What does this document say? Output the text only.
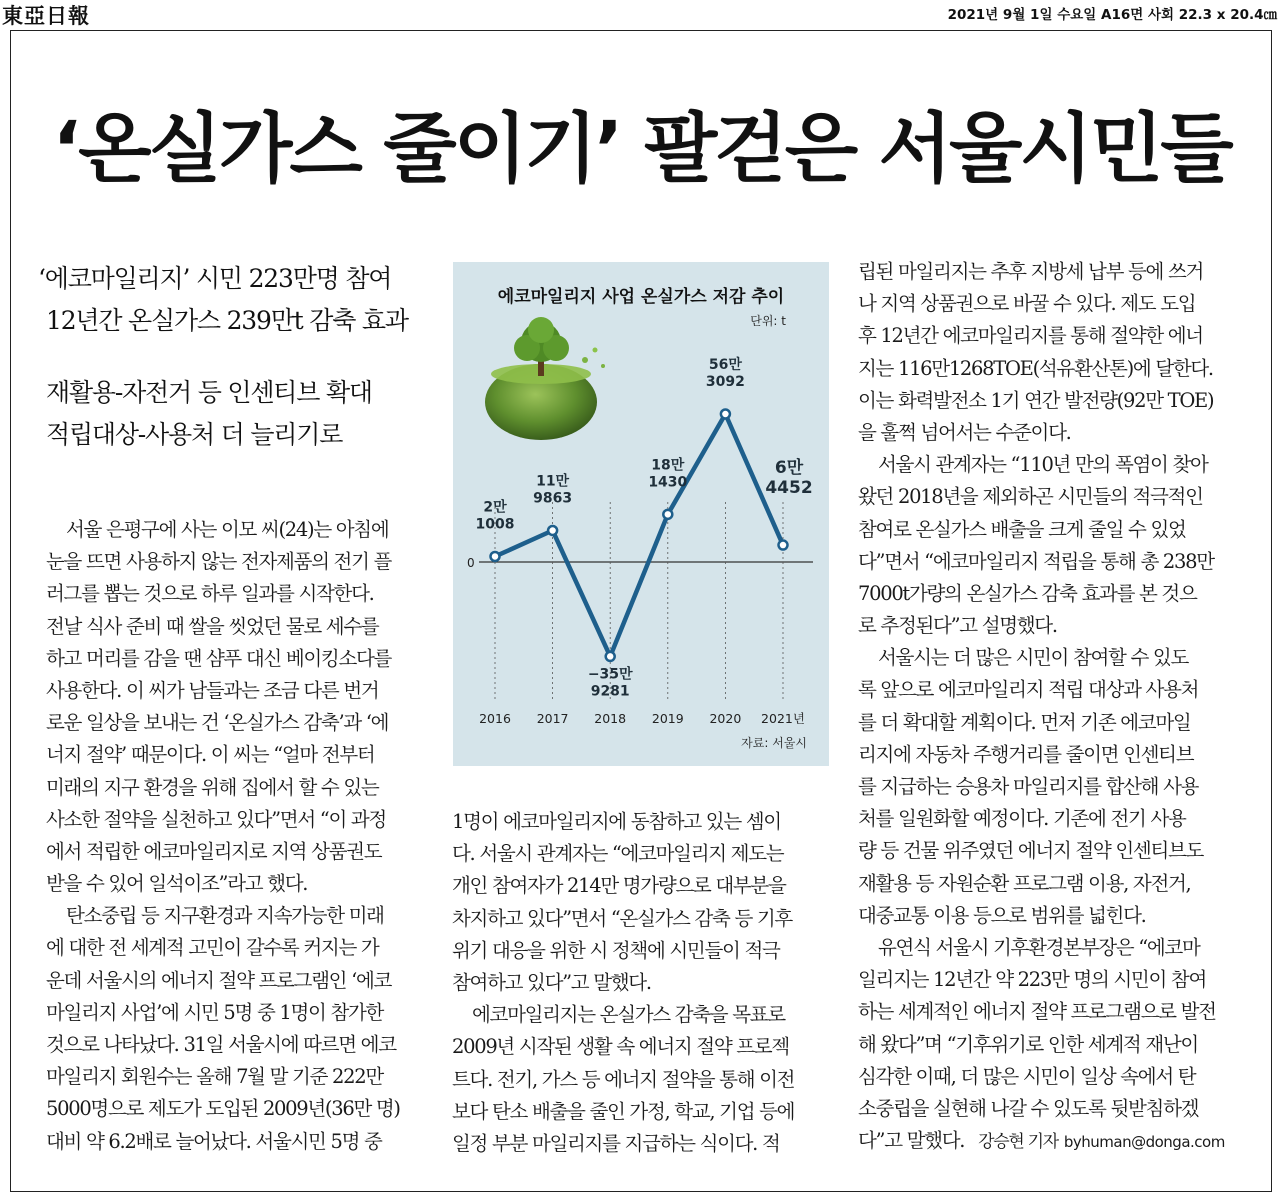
東亞日報	2021년 9월 1일 수요일 A16면 사회 22.3 x 20.4㎝
‘온실가스 줄이기’ 팔걷은 서울시민들
‘에코마일리지’ 시민 223만명 참여
12년간 온실가스 239만t 감축 효과
재활용-자전거 등 인센티브 확대
적립대상-사용처 더 늘리기로
서울 은평구에 사는 이모 씨(24)는 아침에
눈을 뜨면 사용하지 않는 전자제품의 전기 플
러그를 뽑는 것으로 하루 일과를 시작한다.
전날 식사 준비 때 쌀을 씻었던 물로 세수를
하고 머리를 감을 땐 샴푸 대신 베이킹소다를
사용한다. 이 씨가 남들과는 조금 다른 번거
로운 일상을 보내는 건 ‘온실가스 감축’과 ‘에
너지 절약’ 때문이다. 이 씨는 “얼마 전부터
미래의 지구 환경을 위해 집에서 할 수 있는
사소한 절약을 실천하고 있다”면서 “이 과정
에서 적립한 에코마일리지로 지역 상품권도
받을 수 있어 일석이조”라고 했다.
탄소중립 등 지구환경과 지속가능한 미래
에 대한 전 세계적 고민이 갈수록 커지는 가
운데 서울시의 에너지 절약 프로그램인 ‘에코
마일리지 사업’에 시민 5명 중 1명이 참가한
것으로 나타났다. 31일 서울시에 따르면 에코
마일리지 회원수는 올해 7월 말 기준 222만
5000명으로 제도가 도입된 2009년(36만 명)
대비 약 6.2배로 늘어났다. 서울시민 5명 중
1명이 에코마일리지에 동참하고 있는 셈이
다. 서울시 관계자는 “에코마일리지 제도는
개인 참여자가 214만 명가량으로 대부분을
차지하고 있다”면서 “온실가스 감축 등 기후
위기 대응을 위한 시 정책에 시민들이 적극
참여하고 있다”고 말했다.
에코마일리지는 온실가스 감축을 목표로
2009년 시작된 생활 속 에너지 절약 프로젝
트다. 전기, 가스 등 에너지 절약을 통해 이전
보다 탄소 배출을 줄인 가정, 학교, 기업 등에
일정 부분 마일리지를 지급하는 식이다. 적
립된 마일리지는 추후 지방세 납부 등에 쓰거
나 지역 상품권으로 바꿀 수 있다. 제도 도입
후 12년간 에코마일리지를 통해 절약한 에너
지는 116만1268TOE(석유환산톤)에 달한다.
이는 화력발전소 1기 연간 발전량(92만 TOE)
을 훌쩍 넘어서는 수준이다.
서울시 관계자는 “110년 만의 폭염이 찾아
왔던 2018년을 제외하곤 시민들의 적극적인
참여로 온실가스 배출을 크게 줄일 수 있었
다”면서 “에코마일리지 적립을 통해 총 238만
7000t가량의 온실가스 감축 효과를 본 것으
로 추정된다”고 설명했다.
서울시는 더 많은 시민이 참여할 수 있도
록 앞으로 에코마일리지 적립 대상과 사용처
를 더 확대할 계획이다. 먼저 기존 에코마일
리지에 자동차 주행거리를 줄이면 인센티브
를 지급하는 승용차 마일리지를 합산해 사용
처를 일원화할 예정이다. 기존에 전기 사용
량 등 건물 위주였던 에너지 절약 인센티브도
재활용 등 자원순환 프로그램 이용, 자전거,
대중교통 이용 등으로 범위를 넓힌다.
유연식 서울시 기후환경본부장은 “에코마
일리지는 12년간 약 223만 명의 시민이 참여
하는 세계적인 에너지 절약 프로그램으로 발전
해 왔다”며 “기후위기로 인한 세계적 재난이
심각한 이때, 더 많은 시민이 일상 속에서 탄
소중립을 실현해 나갈 수 있도록 뒷받침하겠
다”고 말했다. 강승현 기자 byhuman@donga.com
에코마일리지 사업 온실가스 저감 추이
단위: t
0
2만
1008
11만
9863
−35만
9281
18만
1430
56만
3092
6만
4452
2016 2017 2018 2019 2020 2021년
자료: 서울시
